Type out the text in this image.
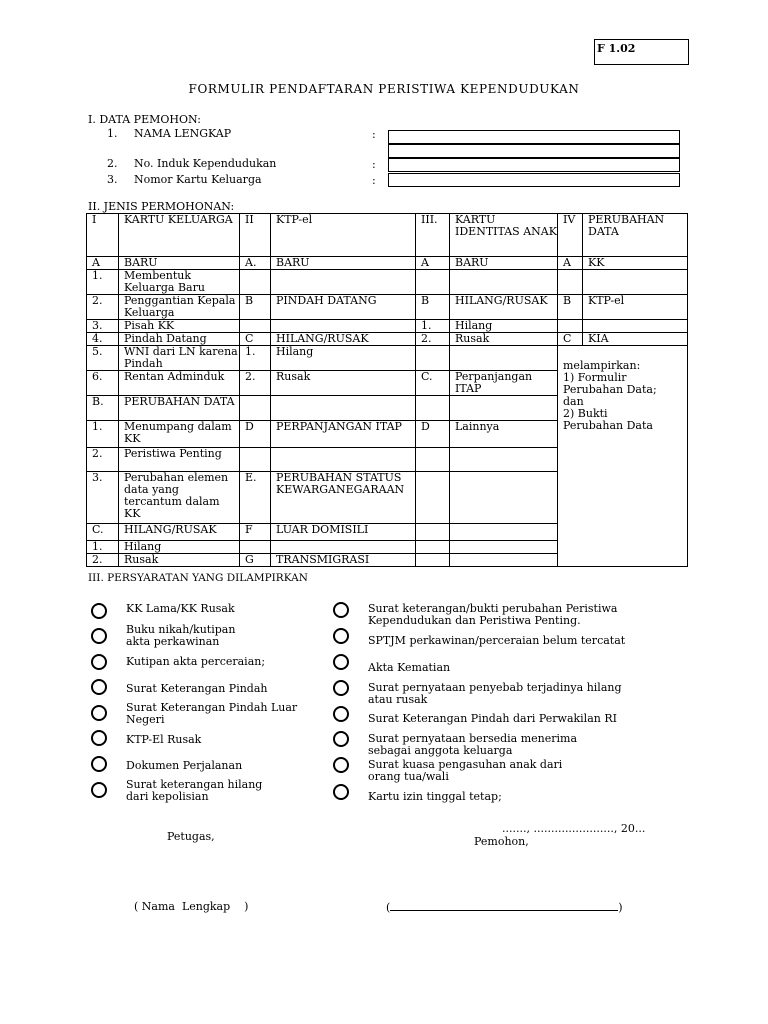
F 1.02
FORMULIR PENDAFTARAN PERISTIWA KEPENDUDUKAN
I. DATA PEMOHON:
1. NAMA LENGKAP	:
2. No. Induk Kependudukan	:
3. Nomor Kartu Keluarga	:
II. JENIS PERMOHONAN:
I	KARTU KELUARGA	II	KTP-el	III.	KARTU IDENTITAS ANAK	IV	PERUBAHAN DATA
A	BARU	A.	BARU	A	BARU	A	KK
1.	Membentuk Keluarga Baru						
2.	Penggantian Kepala Keluarga	B	PINDAH DATANG	B	HILANG/RUSAK	B	KTP-el
3.	Pisah KK			1.	Hilang		
4.	Pindah Datang	C	HILANG/RUSAK	2.	Rusak	C	KIA
5.	WNI dari LN karena Pindah	1.	Hilang			melampirkan:
1) Formulir Perubahan Data; dan
2) Bukti Perubahan Data	

6.	Rentan Adminduk	2.	Rusak	C.	Perpanjangan ITAP		
B.	PERUBAHAN DATA						
1.	Menumpang dalam KK	D	PERPANJANGAN ITAP	D	Lainnya		
2.	Peristiwa Penting						
3.	Perubahan elemen data yang tercantum dalam KK	E.	PERUBAHAN STATUS KEWARGANEGARAAN				
C.	HILANG/RUSAK	F	LUAR DOMISILI				
1.	Hilang						
2.	Rusak	G	TRANSMIGRASI				
III. PERSYARATAN YANG DILAMPIRKAN
KK Lama/KK Rusak
Buku nikah/kutipan
akta perkawinan
Kutipan akta perceraian;
Surat Keterangan Pindah
Surat Keterangan Pindah Luar
Negeri
KTP-El Rusak
Dokumen Perjalanan
Surat keterangan hilang
dari kepolisian
Surat keterangan/bukti perubahan Peristiwa
Kependudukan dan Peristiwa Penting.
SPTJM perkawinan/perceraian belum tercatat
Akta Kematian
Surat pernyataan penyebab terjadinya hilang
atau rusak
Surat Keterangan Pindah dari Perwakilan RI
Surat pernyataan bersedia menerima
sebagai anggota keluarga
Surat kuasa pengasuhan anak dari
orang tua/wali
Kartu izin tinggal tetap;
Petugas,
......., ......................., 20...
Pemohon,
( Nama  Lengkap    )	(	)
